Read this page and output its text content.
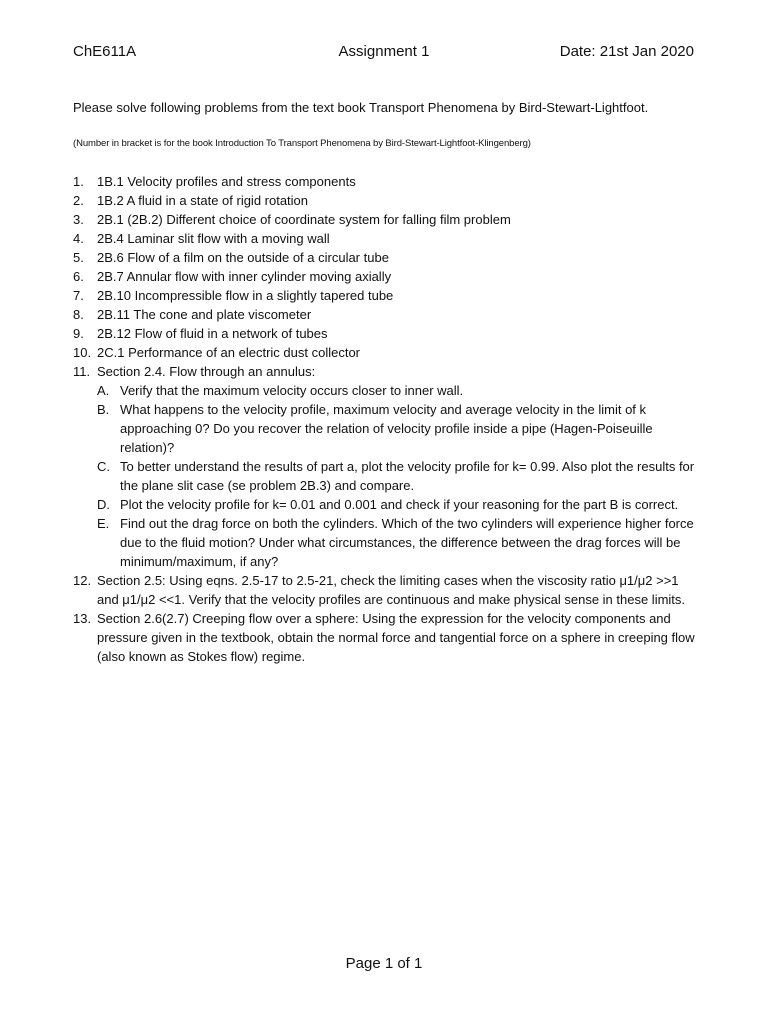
ChE611A	Assignment 1	Date: 21st Jan 2020
Please solve following problems from the text book Transport Phenomena by Bird-Stewart-Lightfoot.
(Number in bracket is for the book Introduction To Transport Phenomena by Bird-Stewart-Lightfoot-Klingenberg)
1.	1B.1 Velocity profiles and stress components
2.	1B.2 A fluid in a state of rigid rotation
3.	2B.1 (2B.2) Different choice of coordinate system for falling film problem
4.	2B.4 Laminar slit flow with a moving wall
5.	2B.6 Flow of a film on the outside of a circular tube
6.	2B.7 Annular flow with inner cylinder moving axially
7.	2B.10 Incompressible flow in a slightly tapered tube
8.	2B.11 The cone and plate viscometer
9.	2B.12 Flow of fluid in a network of tubes
10. 2C.1 Performance of an electric dust collector
11. Section 2.4. Flow through an annulus:
A. Verify that the maximum velocity occurs closer to inner wall.
B. What happens to the velocity profile, maximum velocity and average velocity in the limit of k approaching 0? Do you recover the relation of velocity profile inside a pipe (Hagen-Poiseuille relation)?
C. To better understand the results of part a, plot the velocity profile for k= 0.99. Also plot the results for the plane slit case (se problem 2B.3) and compare.
D. Plot the velocity profile for k= 0.01 and 0.001 and check if your reasoning for the part B is correct.
E. Find out the drag force on both the cylinders. Which of the two cylinders will experience higher force due to the fluid motion? Under what circumstances, the difference between the drag forces will be minimum/maximum, if any?
12. Section 2.5: Using eqns. 2.5-17 to 2.5-21, check the limiting cases when the viscosity ratio μ1/μ2 >>1 and μ1/μ2 <<1. Verify that the velocity profiles are continuous and make physical sense in these limits.
13. Section 2.6(2.7) Creeping flow over a sphere: Using the expression for the velocity components and pressure given in the textbook, obtain the normal force and tangential force on a sphere in creeping flow (also known as Stokes flow) regime.
Page 1 of 1
